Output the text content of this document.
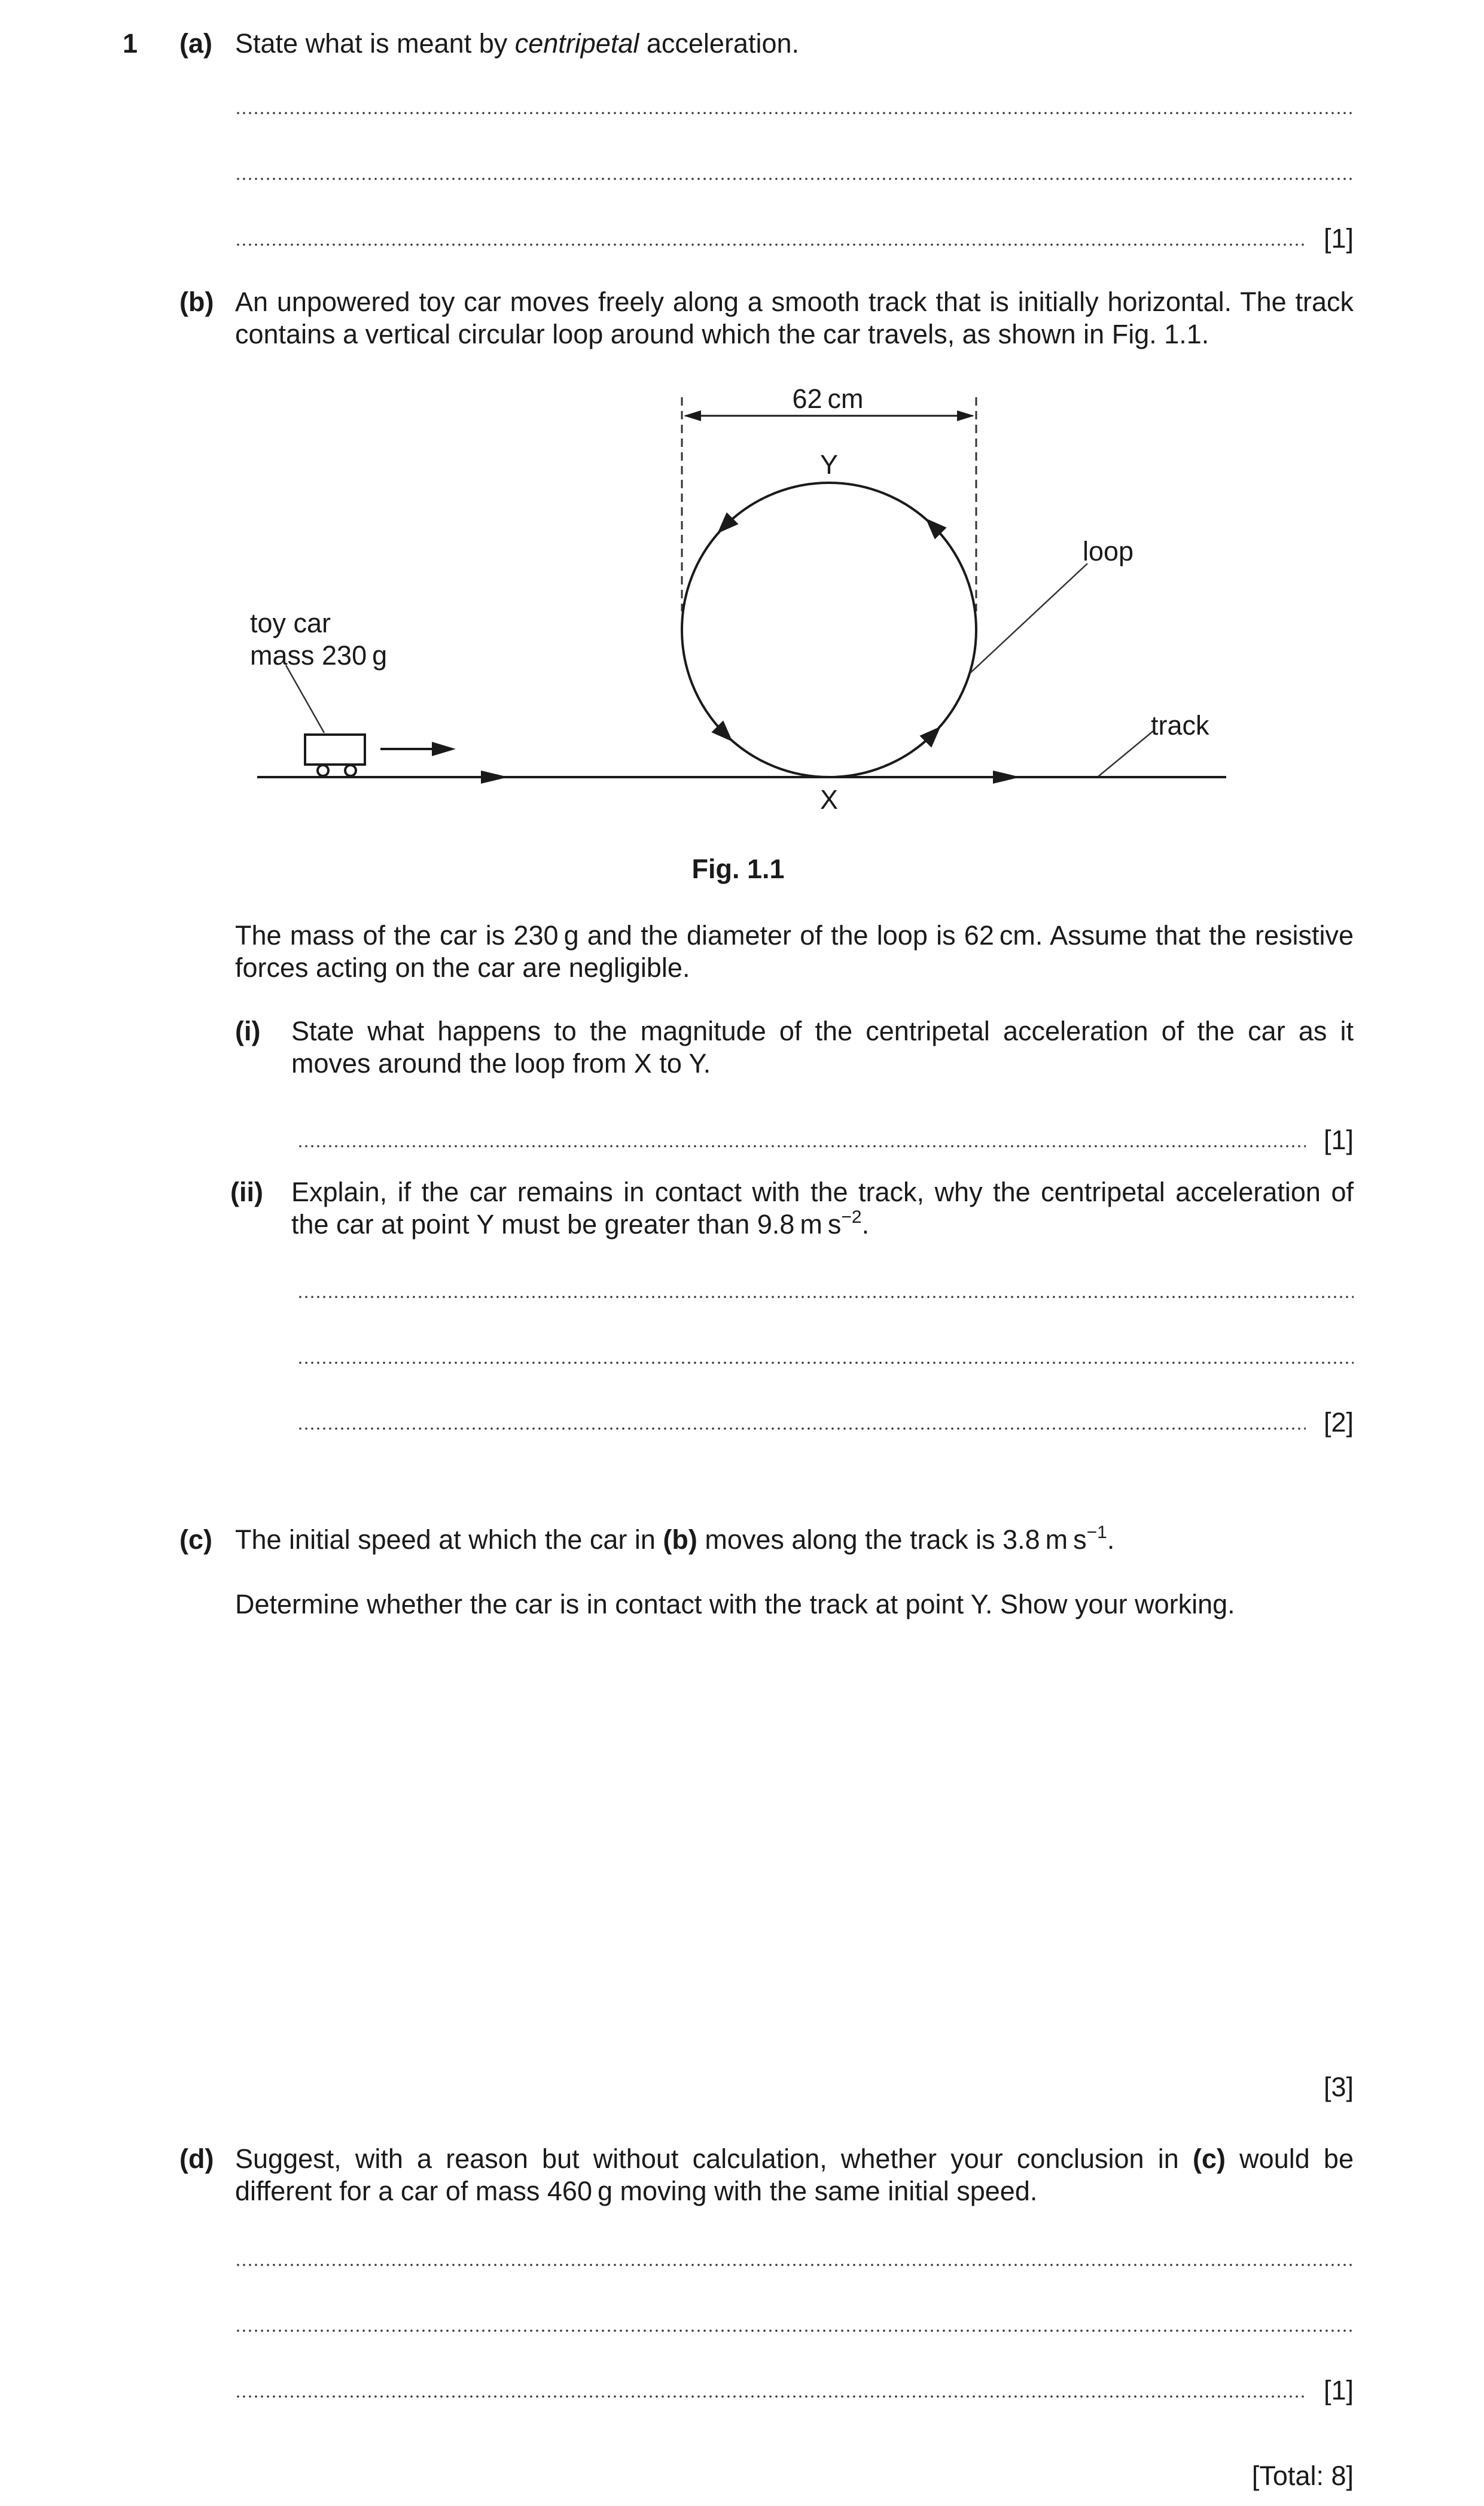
1 (a) State what is meant by centripetal acceleration.
[1]
(b) An unpowered toy car moves freely along a smooth track that is initially horizontal. The track contains a vertical circular loop around which the car travels, as shown in Fig. 1.1.
62 cm
Y
X
toy car
mass 230 g
loop
track
Fig. 1.1
The mass of the car is 230 g and the diameter of the loop is 62 cm. Assume that the resistive forces acting on the car are negligible.
(i) State what happens to the magnitude of the centripetal acceleration of the car as it moves around the loop from X to Y.
[1]
(ii) Explain, if the car remains in contact with the track, why the centripetal acceleration of the car at point Y must be greater than 9.8 m $s^{-2}$.
[2]
(c) The initial speed at which the car in (b) moves along the track is 3.8 m $s^{-1}$.
Determine whether the car is in contact with the track at point Y. Show your working.
[3]
(d) Suggest, with a reason but without calculation, whether your conclusion in (c) would be
different for a car of mass 460 g moving with the same initial speed.
[1]
[Total: 8]
